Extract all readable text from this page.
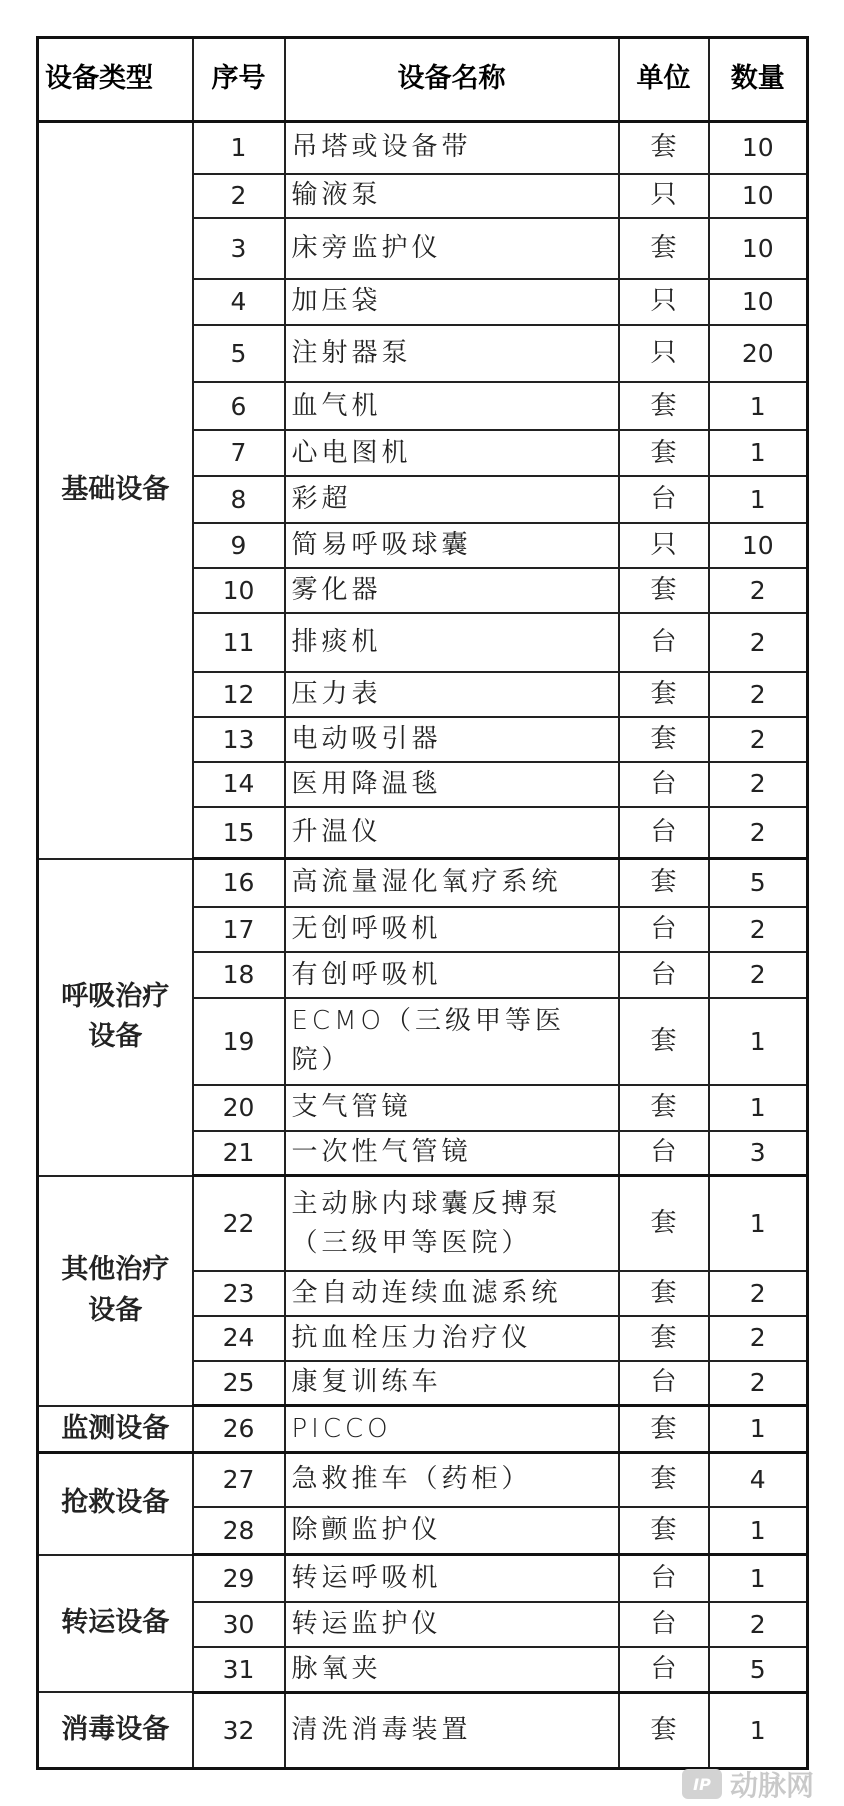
设备类型	序号	设备名称	单位	数量

基础设备	1	吊塔或设备带	套	10
	2	输液泵	只	10
	3	床旁监护仪	套	10
	4	加压袋	只	10
	5	注射器泵	只	20
	6	血气机	套	1
	7	心电图机	套	1
	8	彩超	台	1
	9	简易呼吸球囊	只	10
	10	雾化器	套	2
	11	排痰机	台	2
	12	压力表	套	2
	13	电动吸引器	套	2
	14	医用降温毯	台	2
	15	升温仪	台	2

呼吸治疗
设备	16	高流量湿化氧疗系统	套	5
	17	无创呼吸机	台	2
	18	有创呼吸机	台	2
	19	ECMO（三级甲等医院）	套	1
	20	支气管镜	套	1
	21	一次性气管镜	台	3

其他治疗
设备	22	主动脉内球囊反搏泵（三级甲等医院）	套	1
	23	全自动连续血滤系统	套	2
	24	抗血栓压力治疗仪	套	2
	25	康复训练车	台	2

监测设备	26	PICCO	套	1

抢救设备	27	急救推车（药柜）	套	4
	28	除颤监护仪	套	1

转运设备	29	转运呼吸机	台	1
	30	转运监护仪	台	2
	31	脉氧夹	台	5

消毒设备	32	清洗消毒装置	套	1
IP 动脉网
